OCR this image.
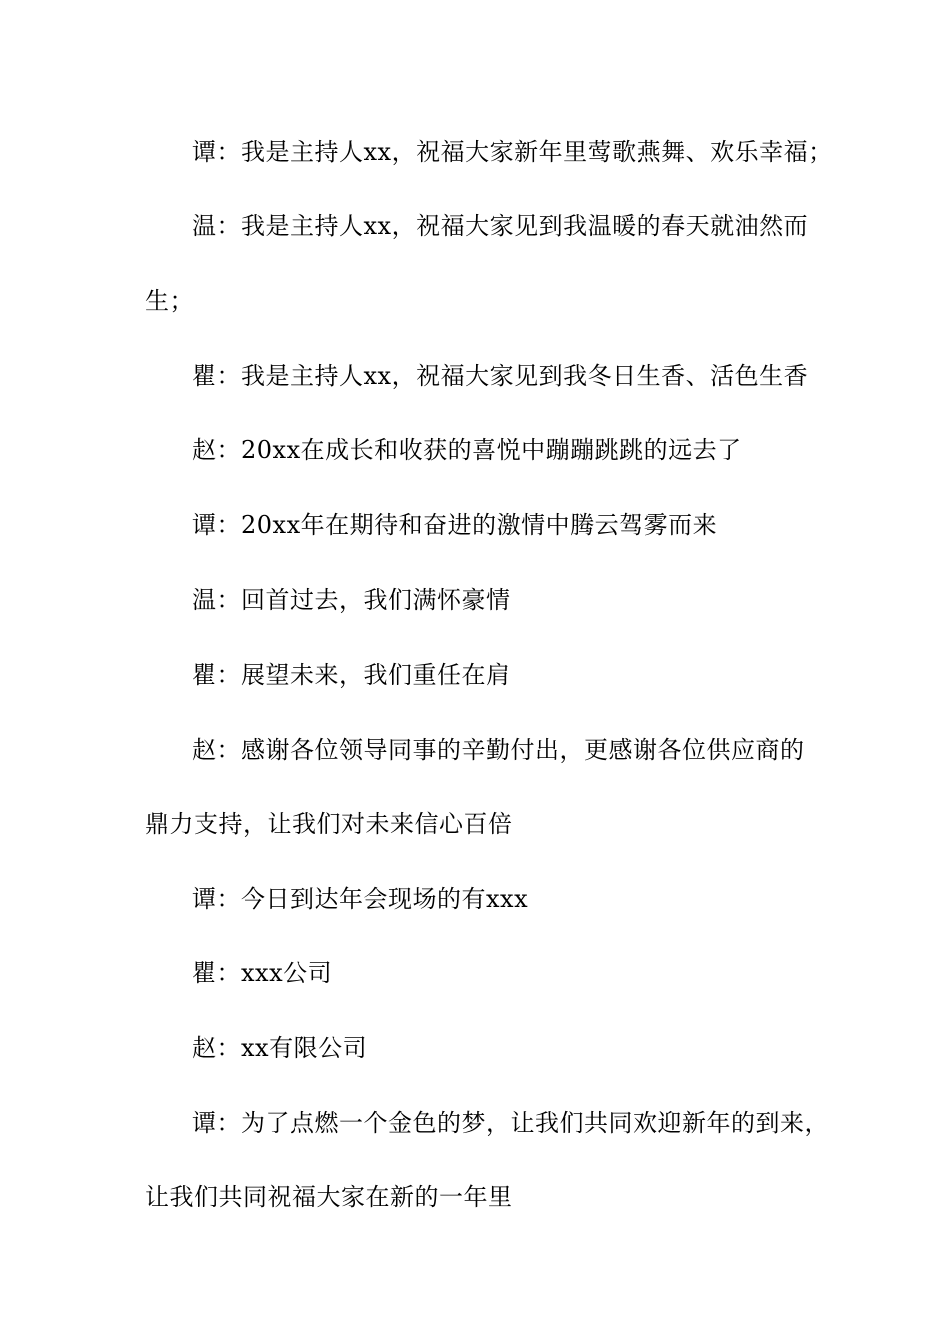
谭：我是主持人xx，祝福大家新年里莺歌燕舞、欢乐幸福；
温：我是主持人xx，祝福大家见到我温暖的春天就油然而
生；
瞿：我是主持人xx，祝福大家见到我冬日生香、活色生香
赵：20xx在成长和收获的喜悦中蹦蹦跳跳的远去了
谭：20xx年在期待和奋进的激情中腾云驾雾而来
温：回首过去，我们满怀豪情
瞿：展望未来，我们重任在肩
赵：感谢各位领导同事的辛勤付出，更感谢各位供应商的
鼎力支持，让我们对未来信心百倍
谭：今日到达年会现场的有xxx
瞿：xxx公司
赵：xx有限公司
谭：为了点燃一个金色的梦，让我们共同欢迎新年的到来，
让我们共同祝福大家在新的一年里
